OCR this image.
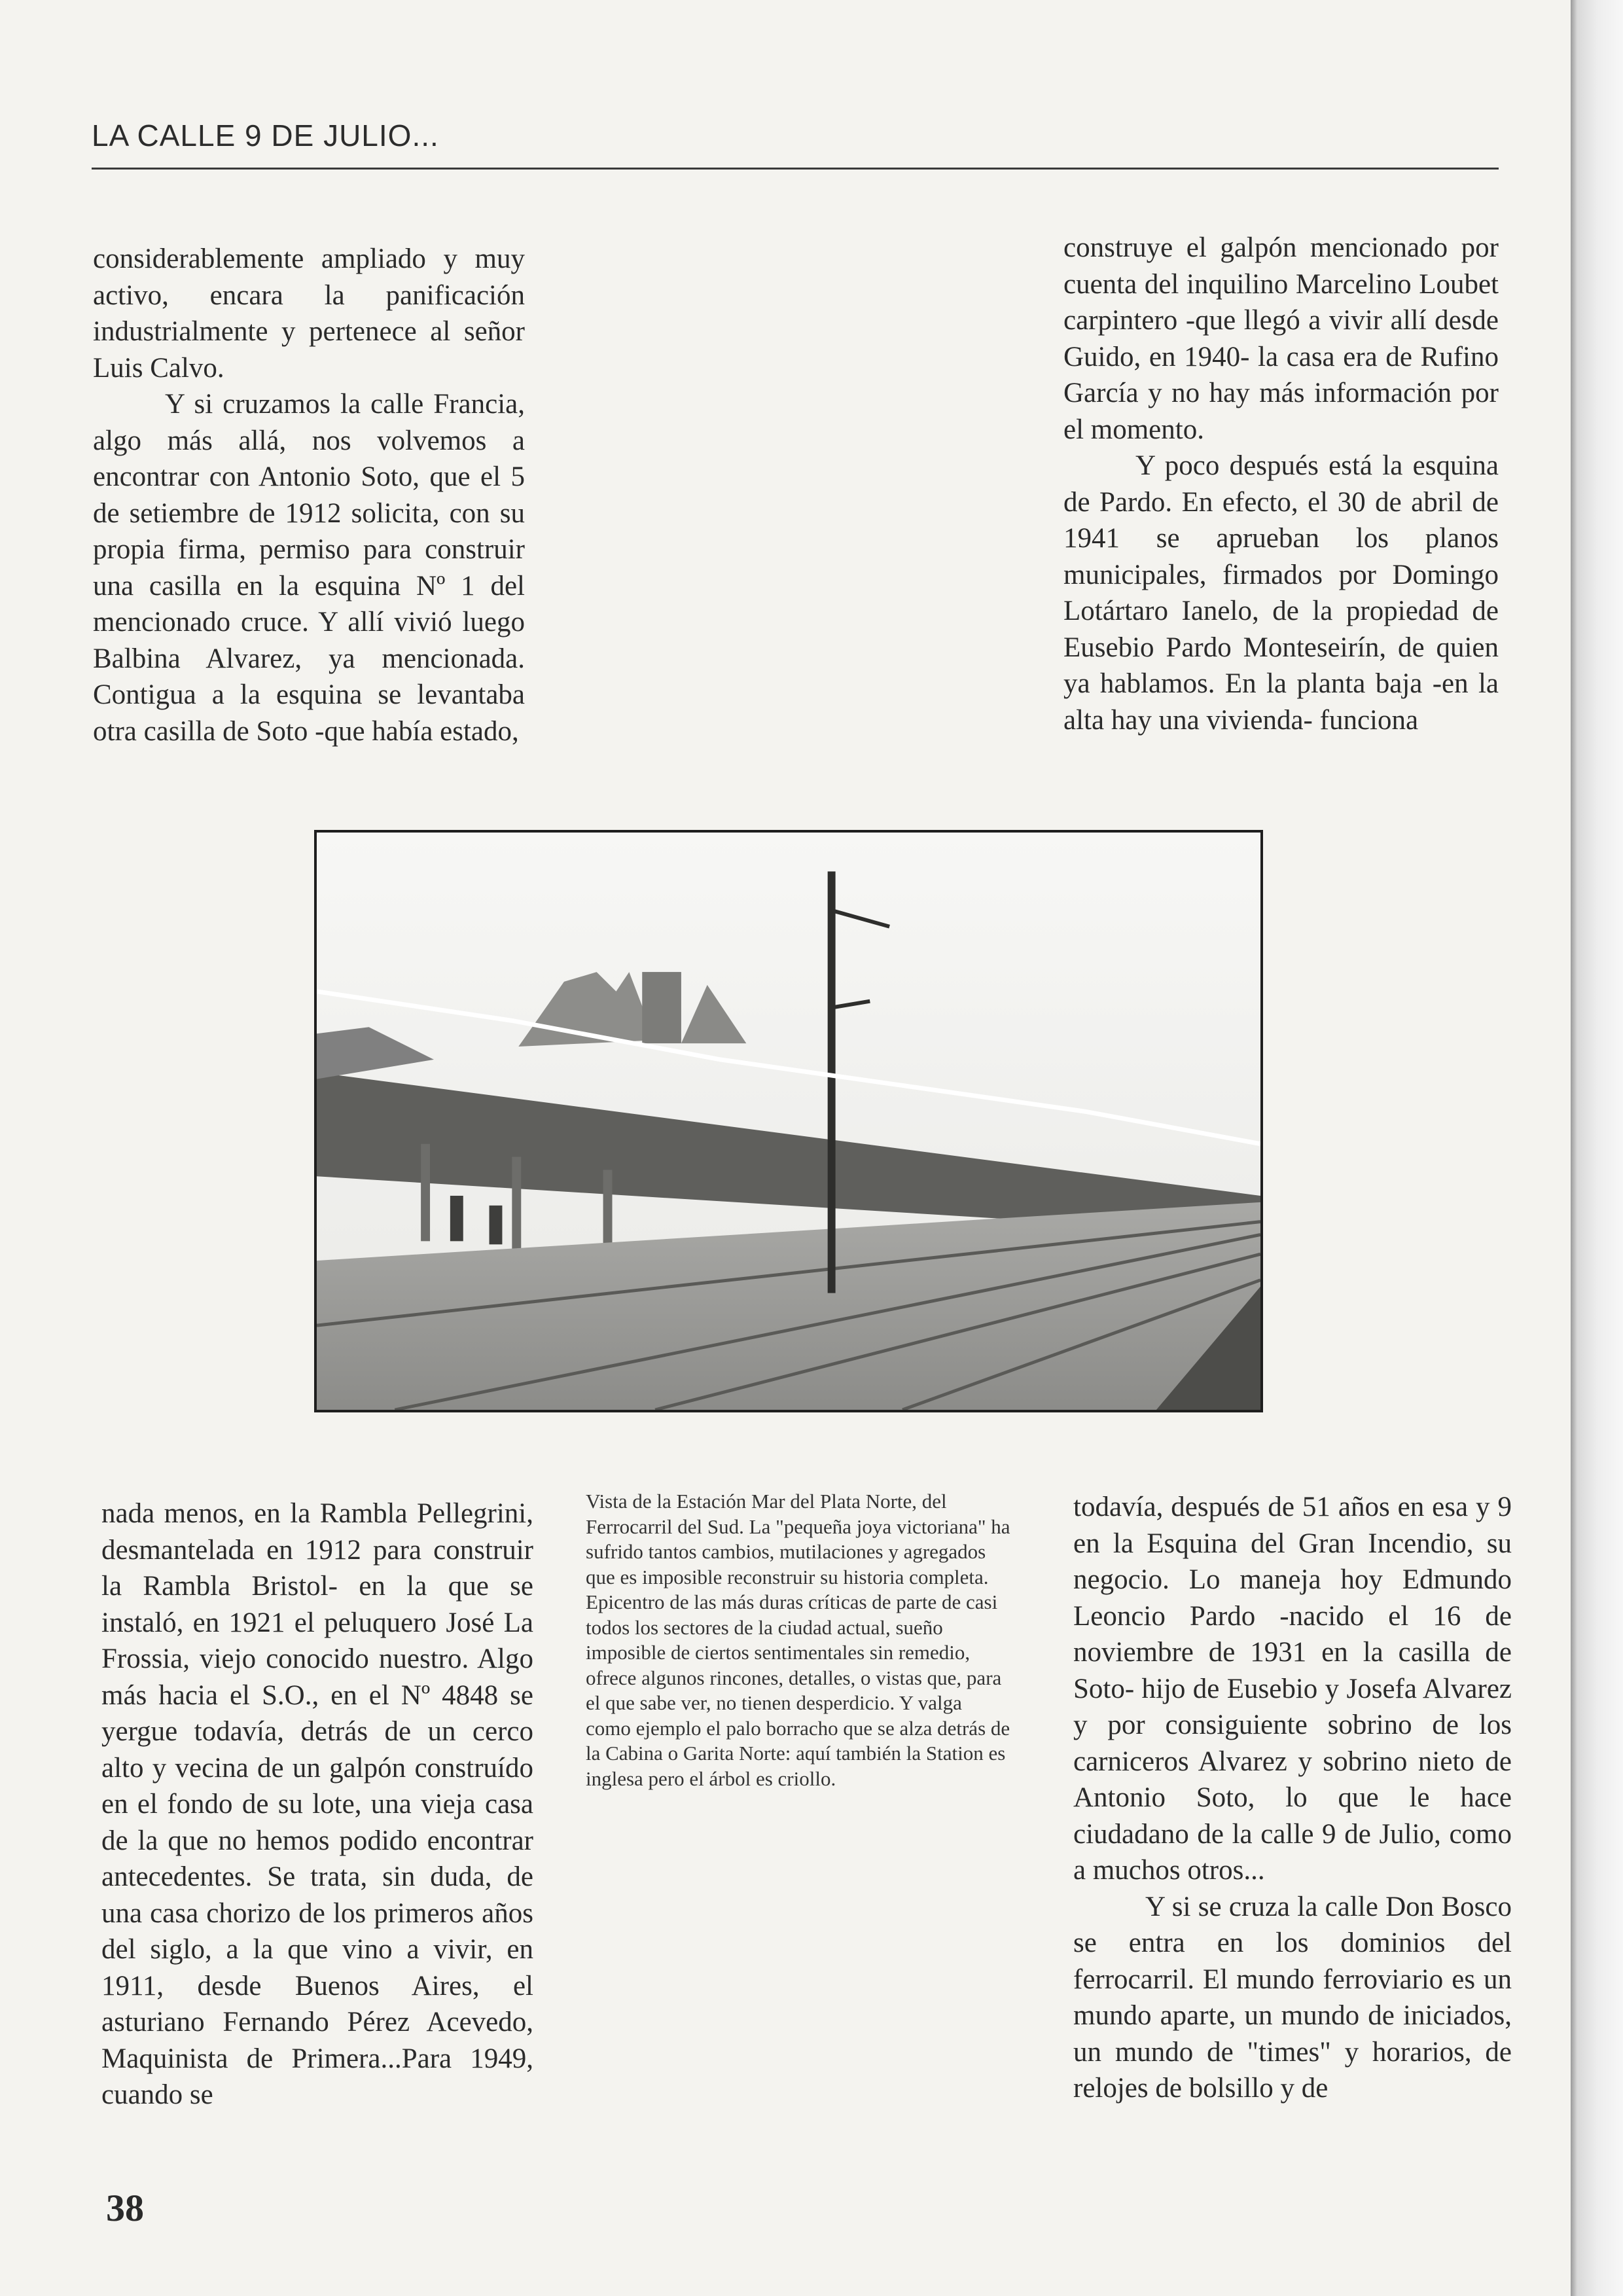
LA CALLE 9 DE JULIO...

considerablemente ampliado y muy activo, encara la panificación industrialmente y pertenece al señor Luis Calvo.

Y si cruzamos la calle Francia, algo más allá, nos volvemos a encontrar con Antonio Soto, que el 5 de setiembre de 1912 solicita, con su propia firma, permiso para construir una casilla en la esquina Nº 1 del mencionado cruce. Y allí vivió luego Balbina Alvarez, ya mencionada. Contigua a la esquina se levantaba otra casilla de Soto -que había estado,

construye el galpón mencionado por cuenta del inquilino Marcelino Loubet carpintero -que llegó a vivir allí desde Guido, en 1940- la casa era de Rufino García y no hay más información por el momento.

Y poco después está la esquina de Pardo. En efecto, el 30 de abril de 1941 se aprueban los planos municipales, firmados por Domingo Lotártaro Ianelo, de la propiedad de Eusebio Pardo Monteseirín, de quien ya hablamos. En la planta baja -en la alta hay una vivienda- funciona

nada menos, en la Rambla Pellegrini, desmantelada en 1912 para construir la Rambla Bristol- en la que se instaló, en 1921 el peluquero José La Frossia, viejo conocido nuestro. Algo más hacia el S.O., en el Nº 4848 se yergue todavía, detrás de un cerco alto y vecina de un galpón construído en el fondo de su lote, una vieja casa de la que no hemos podido encontrar antecedentes. Se trata, sin duda, de una casa chorizo de los primeros años del siglo, a la que vino a vivir, en 1911, desde Buenos Aires, el asturiano Fernando Pérez Acevedo, Maquinista de Primera...Para 1949, cuando se

Vista de la Estación Mar del Plata Norte, del Ferrocarril del Sud. La "pequeña joya victoriana" ha sufrido tantos cambios, mutilaciones y agregados que es imposible reconstruir su historia completa. Epicentro de las más duras críticas de parte de casi todos los sectores de la ciudad actual, sueño imposible de ciertos sentimentales sin remedio, ofrece algunos rincones, detalles, o vistas que, para el que sabe ver, no tienen desperdicio. Y valga como ejemplo el palo borracho que se alza detrás de la Cabina o Garita Norte: aquí también la Station es inglesa pero el árbol es criollo.

todavía, después de 51 años en esa y 9 en la Esquina del Gran Incendio, su negocio. Lo maneja hoy Edmundo Leoncio Pardo -nacido el 16 de noviembre de 1931 en la casilla de Soto- hijo de Eusebio y Josefa Alvarez y por consiguiente sobrino de los carniceros Alvarez y sobrino nieto de Antonio Soto, lo que le hace ciudadano de la calle 9 de Julio, como a muchos otros...

Y si se cruza la calle Don Bosco se entra en los dominios del ferrocarril. El mundo ferroviario es un mundo aparte, un mundo de iniciados, un mundo de "times" y horarios, de relojes de bolsillo y de

38
